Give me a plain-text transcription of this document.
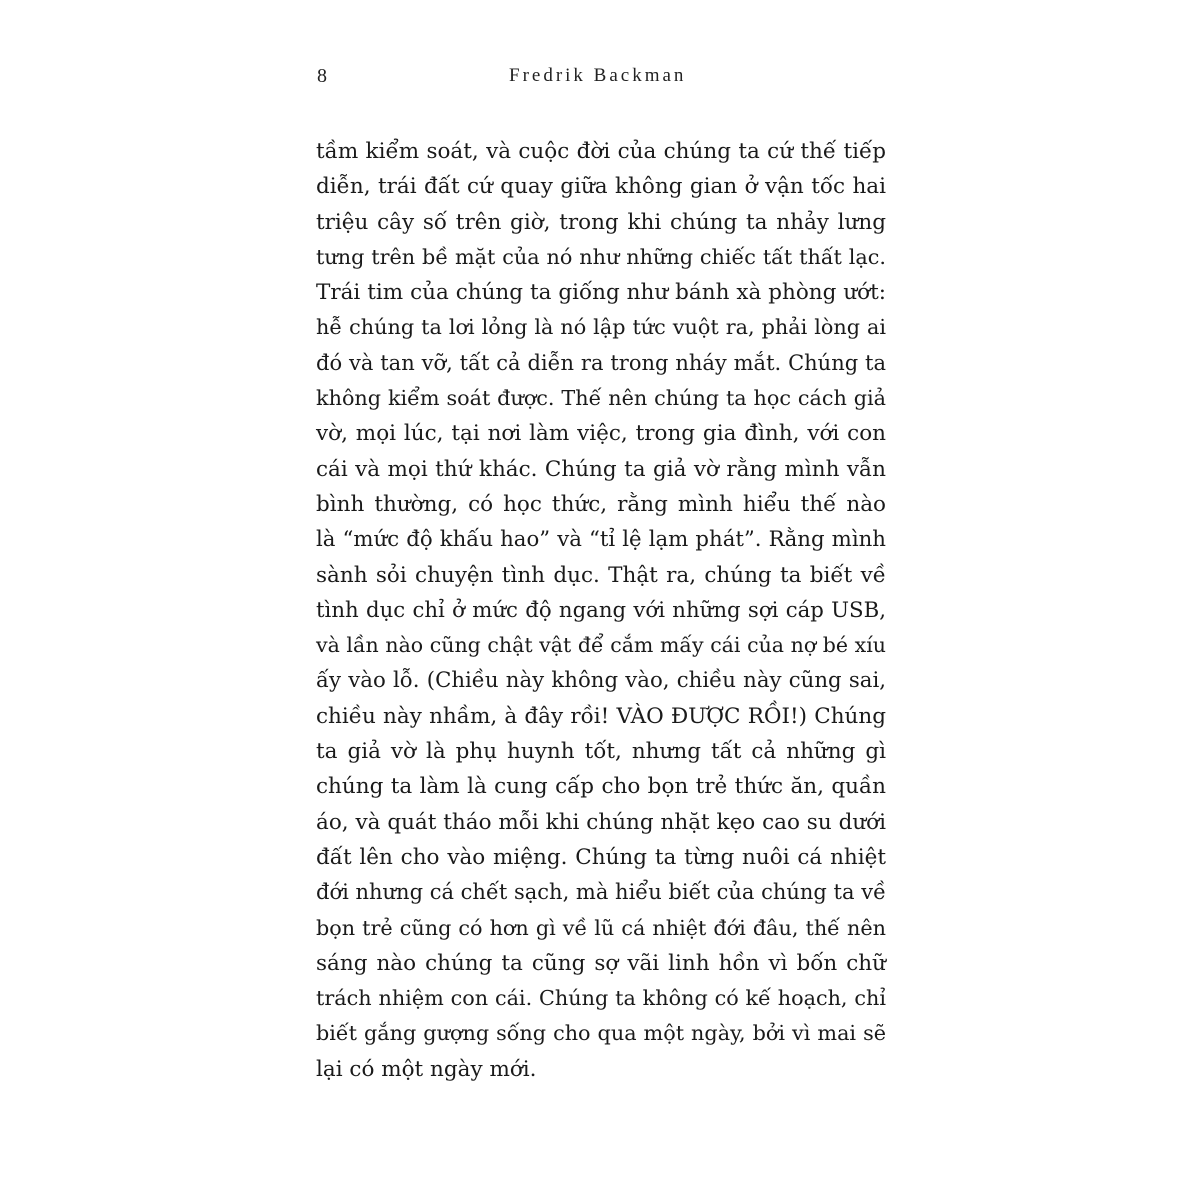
8	Fredrik Backman
tầm kiểm soát, và cuộc đời của chúng ta cứ thế tiếp
diễn, trái đất cứ quay giữa không gian ở vận tốc hai
triệu cây số trên giờ, trong khi chúng ta nhảy lưng
tưng trên bề mặt của nó như những chiếc tất thất lạc.
Trái tim của chúng ta giống như bánh xà phòng ướt:
hễ chúng ta lơi lỏng là nó lập tức vuột ra, phải lòng ai
đó và tan vỡ, tất cả diễn ra trong nháy mắt. Chúng ta
không kiểm soát được. Thế nên chúng ta học cách giả
vờ, mọi lúc, tại nơi làm việc, trong gia đình, với con
cái và mọi thứ khác. Chúng ta giả vờ rằng mình vẫn
bình thường, có học thức, rằng mình hiểu thế nào
là “mức độ khấu hao” và “tỉ lệ lạm phát”. Rằng mình
sành sỏi chuyện tình dục. Thật ra, chúng ta biết về
tình dục chỉ ở mức độ ngang với những sợi cáp USB,
và lần nào cũng chật vật để cắm mấy cái của nợ bé xíu
ấy vào lỗ. (Chiều này không vào, chiều này cũng sai,
chiều này nhầm, à đây rồi! VÀO ĐƯỢC RỒI!) Chúng
ta giả vờ là phụ huynh tốt, nhưng tất cả những gì
chúng ta làm là cung cấp cho bọn trẻ thức ăn, quần
áo, và quát tháo mỗi khi chúng nhặt kẹo cao su dưới
đất lên cho vào miệng. Chúng ta từng nuôi cá nhiệt
đới nhưng cá chết sạch, mà hiểu biết của chúng ta về
bọn trẻ cũng có hơn gì về lũ cá nhiệt đới đâu, thế nên
sáng nào chúng ta cũng sợ vãi linh hồn vì bốn chữ
trách nhiệm con cái. Chúng ta không có kế hoạch, chỉ
biết gắng gượng sống cho qua một ngày, bởi vì mai sẽ
lại có một ngày mới.
